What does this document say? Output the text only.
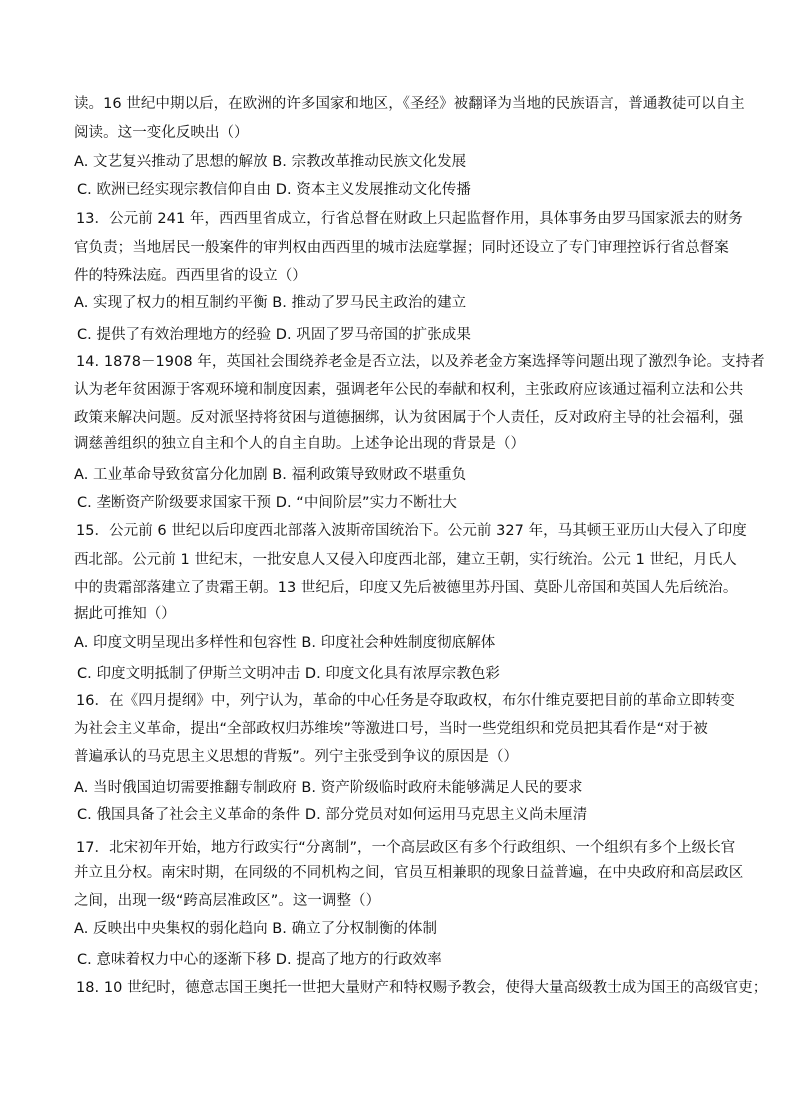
读。16 世纪中期以后，在欧洲的许多国家和地区，《圣经》被翻译为当地的民族语言，普通教徒可以自主
阅读。这一变化反映出（）
A. 文艺复兴推动了思想的解放 B. 宗教改革推动民族文化发展
C. 欧洲已经实现宗教信仰自由 D. 资本主义发展推动文化传播
13．公元前 241 年，西西里省成立，行省总督在财政上只起监督作用，具体事务由罗马国家派去的财务
官负责；当地居民一般案件的审判权由西西里的城市法庭掌握；同时还设立了专门审理控诉行省总督案
件的特殊法庭。西西里省的设立（）
A. 实现了权力的相互制约平衡 B. 推动了罗马民主政治的建立
C. 提供了有效治理地方的经验 D. 巩固了罗马帝国的扩张成果
14. 1878－1908 年，英国社会围绕养老金是否立法，以及养老金方案选择等问题出现了激烈争论。支持者
认为老年贫困源于客观环境和制度因素，强调老年公民的奉献和权利，主张政府应该通过福利立法和公共
政策来解决问题。反对派坚持将贫困与道德捆绑，认为贫困属于个人责任，反对政府主导的社会福利，强
调慈善组织的独立自主和个人的自主自助。上述争论出现的背景是（）
A. 工业革命导致贫富分化加剧 B. 福利政策导致财政不堪重负
C. 垄断资产阶级要求国家干预 D. “中间阶层”实力不断壮大
15．公元前 6 世纪以后印度西北部落入波斯帝国统治下。公元前 327 年，马其顿王亚历山大侵入了印度
西北部。公元前 1 世纪末，一批安息人又侵入印度西北部，建立王朝，实行统治。公元 1 世纪，月氏人
中的贵霜部落建立了贵霜王朝。13 世纪后，印度又先后被德里苏丹国、莫卧儿帝国和英国人先后统治。
据此可推知（）
A. 印度文明呈现出多样性和包容性 B. 印度社会种姓制度彻底解体
C. 印度文明抵制了伊斯兰文明冲击 D. 印度文化具有浓厚宗教色彩
16．在《四月提纲》中，列宁认为，革命的中心任务是夺取政权，布尔什维克要把目前的革命立即转变
为社会主义革命，提出“全部政权归苏维埃”等激进口号，当时一些党组织和党员把其看作是“对于被
普遍承认的马克思主义思想的背叛”。列宁主张受到争议的原因是（）
A. 当时俄国迫切需要推翻专制政府 B. 资产阶级临时政府未能够满足人民的要求
C. 俄国具备了社会主义革命的条件 D. 部分党员对如何运用马克思主义尚未厘清
17．北宋初年开始，地方行政实行“分离制”，一个高层政区有多个行政组织、一个组织有多个上级长官
并立且分权。南宋时期，在同级的不同机构之间，官员互相兼职的现象日益普遍，在中央政府和高层政区
之间，出现一级“跨高层准政区”。这一调整（）
A. 反映出中央集权的弱化趋向 B. 确立了分权制衡的体制
C. 意味着权力中心的逐渐下移 D. 提高了地方的行政效率
18. 10 世纪时，德意志国王奥托一世把大量财产和特权赐予教会，使得大量高级教士成为国王的高级官吏；
